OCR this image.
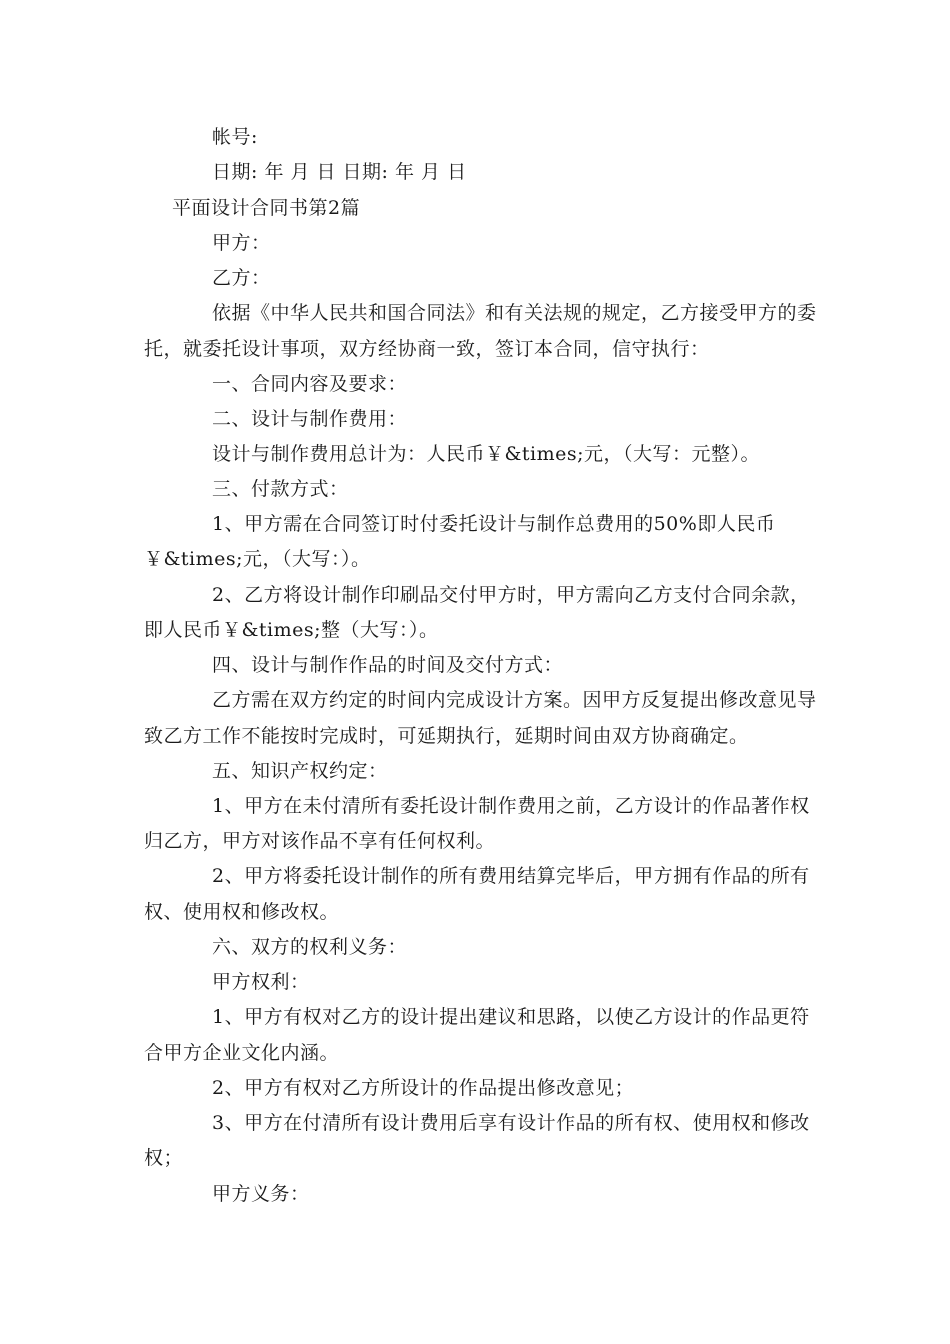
帐号:
日期: 年 月 日 日期: 年 月 日
平面设计合同书第2篇
甲方：
乙方：
依据《中华人民共和国合同法》和有关法规的规定，乙方接受甲方的委
托，就委托设计事项，双方经协商一致，签订本合同，信守执行：
一、合同内容及要求：
二、设计与制作费用：
设计与制作费用总计为：人民币￥&times;元，（大写：元整）。
三、付款方式：
1、甲方需在合同签订时付委托设计与制作总费用的50%即人民币
￥&times;元，（大写：）。
2、乙方将设计制作印刷品交付甲方时，甲方需向乙方支付合同余款，
即人民币￥&times;整（大写：）。
四、设计与制作作品的时间及交付方式：
乙方需在双方约定的时间内完成设计方案。因甲方反复提出修改意见导
致乙方工作不能按时完成时，可延期执行，延期时间由双方协商确定。
五、知识产权约定：
1、甲方在未付清所有委托设计制作费用之前，乙方设计的作品著作权
归乙方，甲方对该作品不享有任何权利。
2、甲方将委托设计制作的所有费用结算完毕后，甲方拥有作品的所有
权、使用权和修改权。
六、双方的权利义务：
甲方权利：
1、甲方有权对乙方的设计提出建议和思路，以使乙方设计的作品更符
合甲方企业文化内涵。
2、甲方有权对乙方所设计的作品提出修改意见；
3、甲方在付清所有设计费用后享有设计作品的所有权、使用权和修改
权；
甲方义务：
